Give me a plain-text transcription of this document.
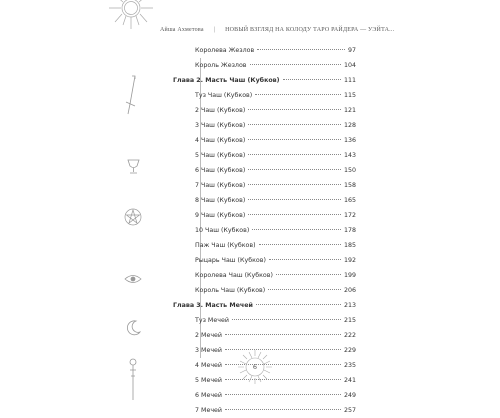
Айша Ахметова | НОВЫЙ ВЗГЛЯД НА КОЛОДУ ТАРО РАЙДЕРА — УЭЙТА...
Королева Жезлов	97
Король Жезлов	104
Глава 2. Масть Чаш (Кубков)	111
Туз Чаш (Кубков)	115
2 Чаш (Кубков)	121
3 Чаш (Кубков)	128
4 Чаш (Кубков)	136
5 Чаш (Кубков)	143
6 Чаш (Кубков)	150
7 Чаш (Кубков)	158
8 Чаш (Кубков)	165
9 Чаш (Кубков)	172
10 Чаш (Кубков)	178
Паж Чаш (Кубков)	185
Рыцарь Чаш (Кубков)	192
Королева Чаш (Кубков)	199
Король Чаш (Кубков)	206
Глава 3. Масть Мечей	213
Туз Мечей	215
2 Мечей	222
3 Мечей	229
4 Мечей	235
5 Мечей	241
6 Мечей	249
7 Мечей	257
6
